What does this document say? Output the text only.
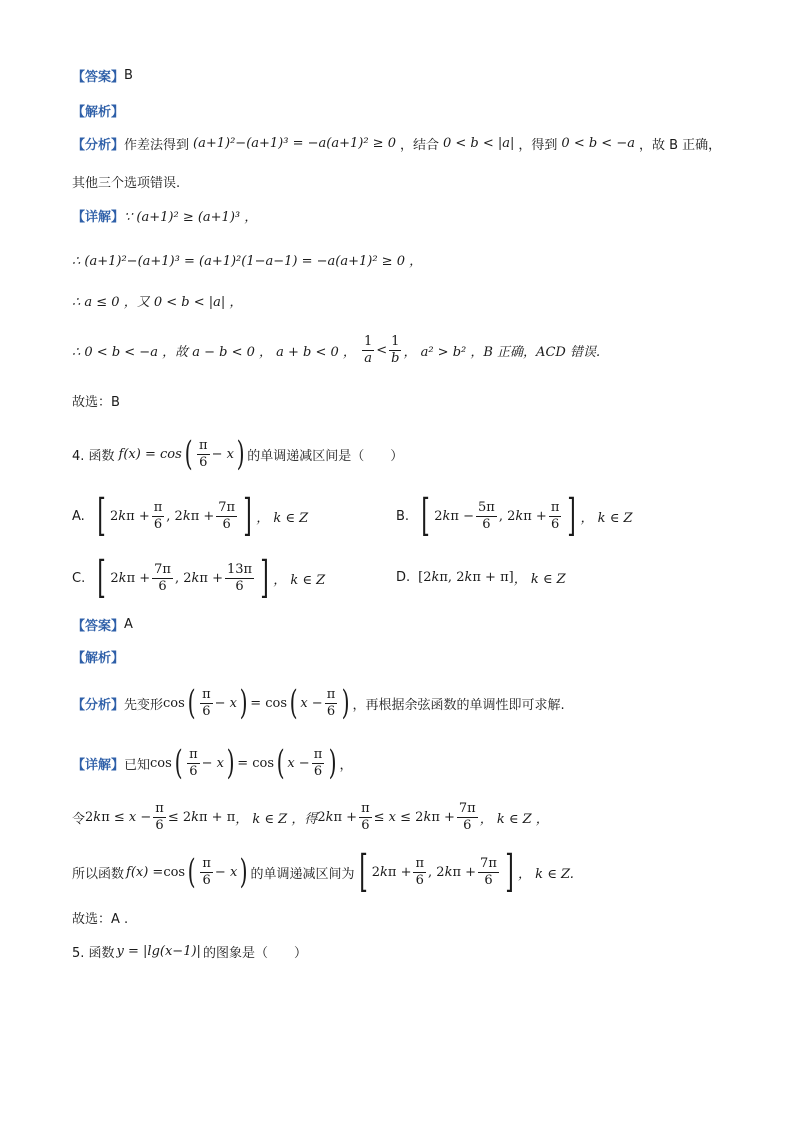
【答案】 B
【解析】
【分析】 作差法得到 (a+1)²−(a+1)³ = −a(a+1)² ≥ 0 ，结合 0 < b < |a| ，得到 0 < b < −a ，故 B 正确，
其他三个选项错误.
【详解】 ∵ (a+1)² ≥ (a+1)³ ，
∴ (a+1)²−(a+1)³ = (a+1)²(1−a−1) = −a(a+1)² ≥ 0 ，
∴ a ≤ 0 ，又 0 < b < |a| ，
∴ 0 < b < −a ，故 a − b < 0 ， a + b < 0 ， $\frac{1}{a} < \frac{1}{b}$ ， a² > b² ，B 正确，ACD 错误.
故选：B
4. 函数 f(x) = cos ( $\frac{\pi}{6} - x$ ) 的单调递减区间是（　　）
A. [ $2k\pi + \frac{\pi}{6}$ , $2k\pi + \frac{7\pi}{6}$ ] ， k ∈ Z	B. [ $2k\pi - \frac{5\pi}{6}$ , $2k\pi + \frac{\pi}{6}$ ] ， k ∈ Z
C. [ $2k\pi + \frac{7\pi}{6}$ , $2k\pi + \frac{13\pi}{6}$ ] ， k ∈ Z	D. [2kπ, 2kπ + π] ， k ∈ Z
【答案】 A
【解析】
【分析】 先变形 cos ( $\frac{\pi}{6} - x$ ) = cos ( $x - \frac{\pi}{6}$ ) ，再根据余弦函数的单调性即可求解.
【详解】 已知 cos ( $\frac{\pi}{6} - x$ ) = cos ( $x - \frac{\pi}{6}$ ) ，
令 $2k\pi \le x - \frac{\pi}{6} \le 2k\pi + \pi$ ， k ∈ Z ，得 $2k\pi + \frac{\pi}{6} \le x \le 2k\pi + \frac{7\pi}{6}$ ， k ∈ Z ，
所以函数 f(x) = cos ( $\frac{\pi}{6} - x$ ) 的单调递减区间为 [ $2k\pi + \frac{\pi}{6}$ , $2k\pi + \frac{7\pi}{6}$ ] ， k ∈ Z.
故选：A .
5. 函数 y = |lg(x−1)| 的图象是（　　）
